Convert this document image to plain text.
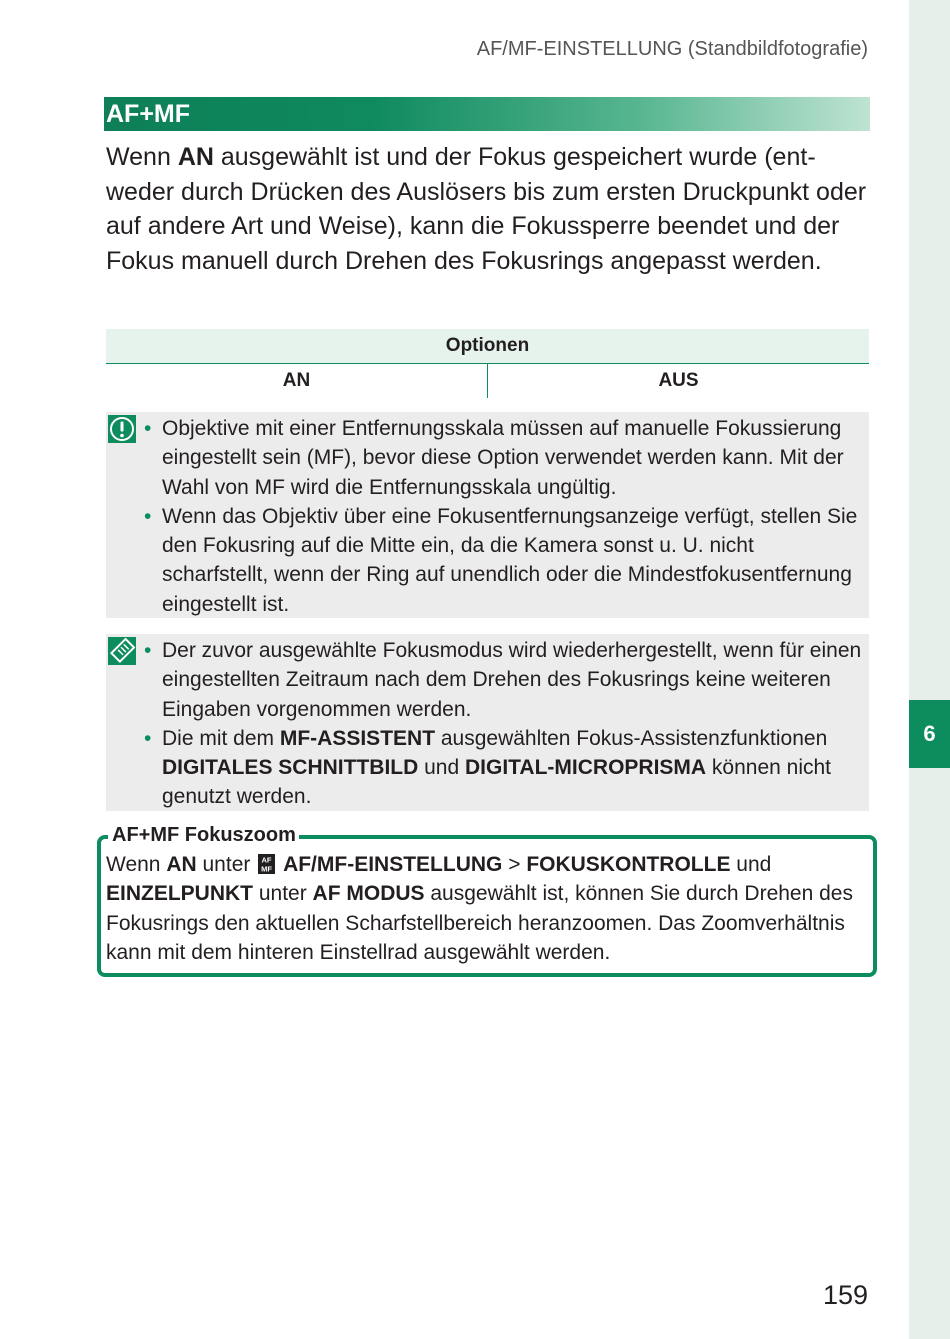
6
AF/MF-EINSTELLUNG (Standbildfotografie)
AF+MF

Wenn AN ausgewählt ist und der Fokus gespeichert wurde (entweder durch Drücken des Auslösers bis zum ersten Druckpunkt oder auf andere Art und Weise), kann die Fokussperre beendet und der Fokus manuell durch Drehen des Fokusrings angepasst werden.

Optionen
AN	AUS
• Objektive mit einer Entfernungsskala müssen auf manuelle Fokussierung eingestellt sein (MF), bevor diese Option verwendet werden kann. Mit der Wahl von MF wird die Entfernungsskala ungültig.
• Wenn das Objektiv über eine Fokusentfernungsanzeige verfügt, stellen Sie den Fokusring auf die Mitte ein, da die Kamera sonst u. U. nicht scharfstellt, wenn der Ring auf unendlich oder die Mindestfokusentfernung eingestellt ist.
• Der zuvor ausgewählte Fokusmodus wird wiederhergestellt, wenn für einen eingestellten Zeitraum nach dem Drehen des Fokusrings keine weiteren Eingaben vorgenommen werden.
• Die mit dem MF-ASSISTENT ausgewählten Fokus-Assistenzfunktionen DIGITALES SCHNITTBILD und DIGITAL-MICROPRISMA können nicht genutzt werden.
AF+MF Fokuszoom
Wenn AN unter AF
MF AF/MF-EINSTELLUNG > FOKUSKONTROLLE und EINZELPUNKT unter AF MODUS ausgewählt ist, können Sie durch Drehen des Fokusrings den aktuellen Scharfstellbereich heranzoomen. Das Zoomverhältnis kann mit dem hinteren Einstellrad ausgewählt werden.
159
